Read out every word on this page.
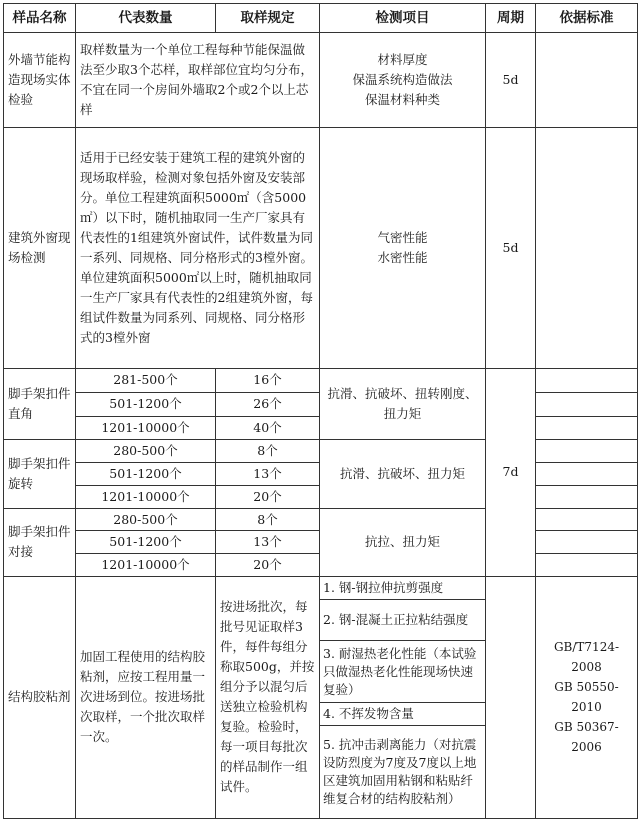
样品名称	代表数量	取样规定	检测项目	周期	依据标准
外墙节能构造现场实体检验	取样数量为一个单位工程每种节能保温做法至少取3个芯样，取样部位宜均匀分布，不宜在同一个房间外墙取2个或2个以上芯样		材料厚度
保温系统构造做法
保温材料种类	5d	
建筑外窗现场检测	适用于已经安装于建筑工程的建筑外窗的现场取样验，检测对象包括外窗及安装部分。单位工程建筑面积5000㎡（含5000㎡）以下时，随机抽取同一生产厂家具有代表性的1组建筑外窗试件，试件数量为同一系列、同规格、同分格形式的3樘外窗。单位建筑面积5000㎡以上时，随机抽取同一生产厂家具有代表性的2组建筑外窗，每组试件数量为同系列、同规格、同分格形式的3樘外窗		气密性能
水密性能	5d	
脚手架扣件直角	281-500个	16个	抗滑、抗破坏、扭转刚度、扭力矩	7d	
	501-1200个	26个			
	1201-10000个	40个			
脚手架扣件旋转	280-500个	8个	抗滑、抗破坏、扭力矩		
	501-1200个	13个			
	1201-10000个	20个			
脚手架扣件对接	280-500个	8个	抗拉、扭力矩		
	501-1200个	13个			
	1201-10000个	20个			
结构胶粘剂	加固工程使用的结构胶粘剂，应按工程用量一次进场到位。按进场批次取样，一个批次取样一次。	按进场批次，每批号见证取样3件，每件每组分称取500g，并按组分予以混匀后送独立检验机构复验。检验时，每一项目每批次的样品制作一组试件。	1. 钢-钢拉伸抗剪强度		GB/T7124-2008
GB 50550-2010
GB 50367-2006
			2. 钢-混凝土正拉粘结强度		
			3. 耐湿热老化性能（本试验只做湿热老化性能现场快速复验）		
			4. 不挥发物含量		
			5. 抗冲击剥离能力（对抗震设防烈度为7度及7度以上地区建筑加固用粘钢和粘贴纤维复合材的结构胶粘剂）		
